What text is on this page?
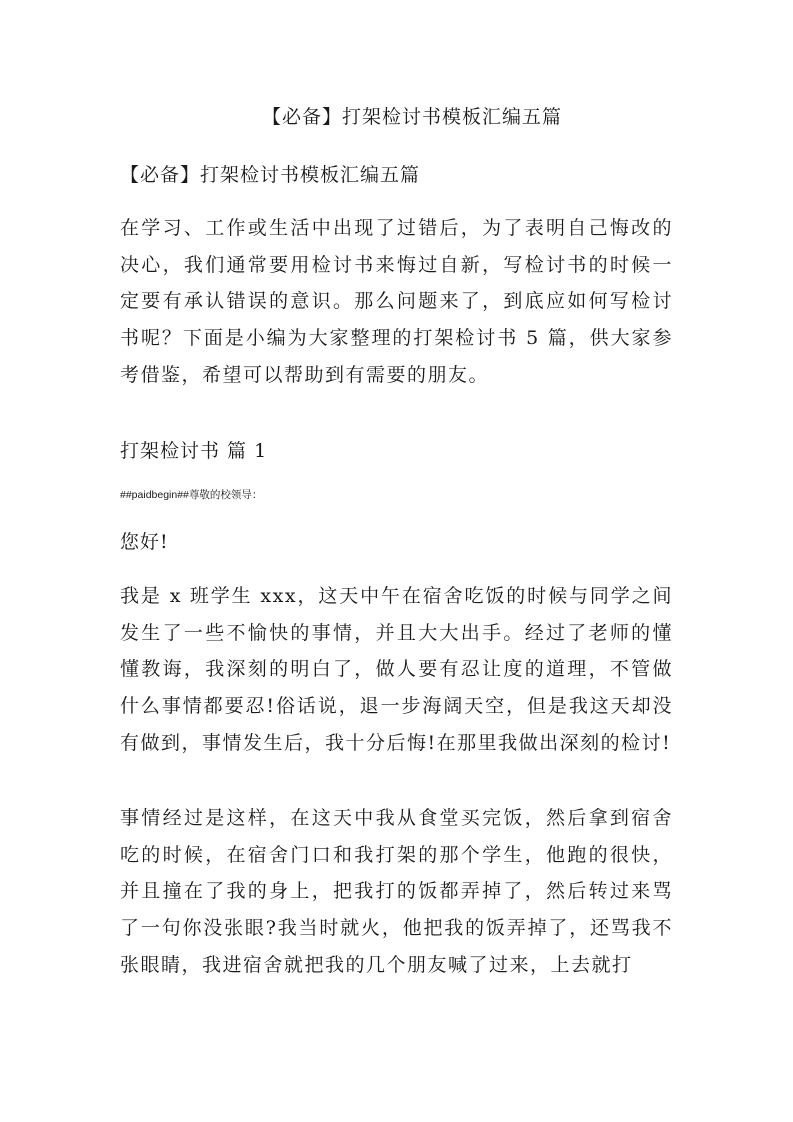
【必备】打架检讨书模板汇编五篇
【必备】打架检讨书模板汇编五篇
在学习、工作或生活中出现了过错后，为了表明自己悔改的决心，我们通常要用检讨书来悔过自新，写检讨书的时候一定要有承认错误的意识。那么问题来了，到底应如何写检讨书呢？下面是小编为大家整理的打架检讨书 5 篇，供大家参考借鉴，希望可以帮助到有需要的朋友。
打架检讨书 篇 1
##paidbegin##尊敬的校领导：
您好!
我是 x 班学生 xxx，这天中午在宿舍吃饭的时候与同学之间发生了一些不愉快的事情，并且大大出手。经过了老师的懂懂教诲，我深刻的明白了，做人要有忍让度的道理，不管做什么事情都要忍!俗话说，退一步海阔天空，但是我这天却没有做到，事情发生后，我十分后悔!在那里我做出深刻的检讨!
事情经过是这样，在这天中我从食堂买完饭，然后拿到宿舍吃的时候，在宿舍门口和我打架的那个学生，他跑的很快，并且撞在了我的身上，把我打的饭都弄掉了，然后转过来骂了一句你没张眼?我当时就火，他把我的饭弄掉了，还骂我不张眼睛，我进宿舍就把我的几个朋友喊了过来，上去就打
